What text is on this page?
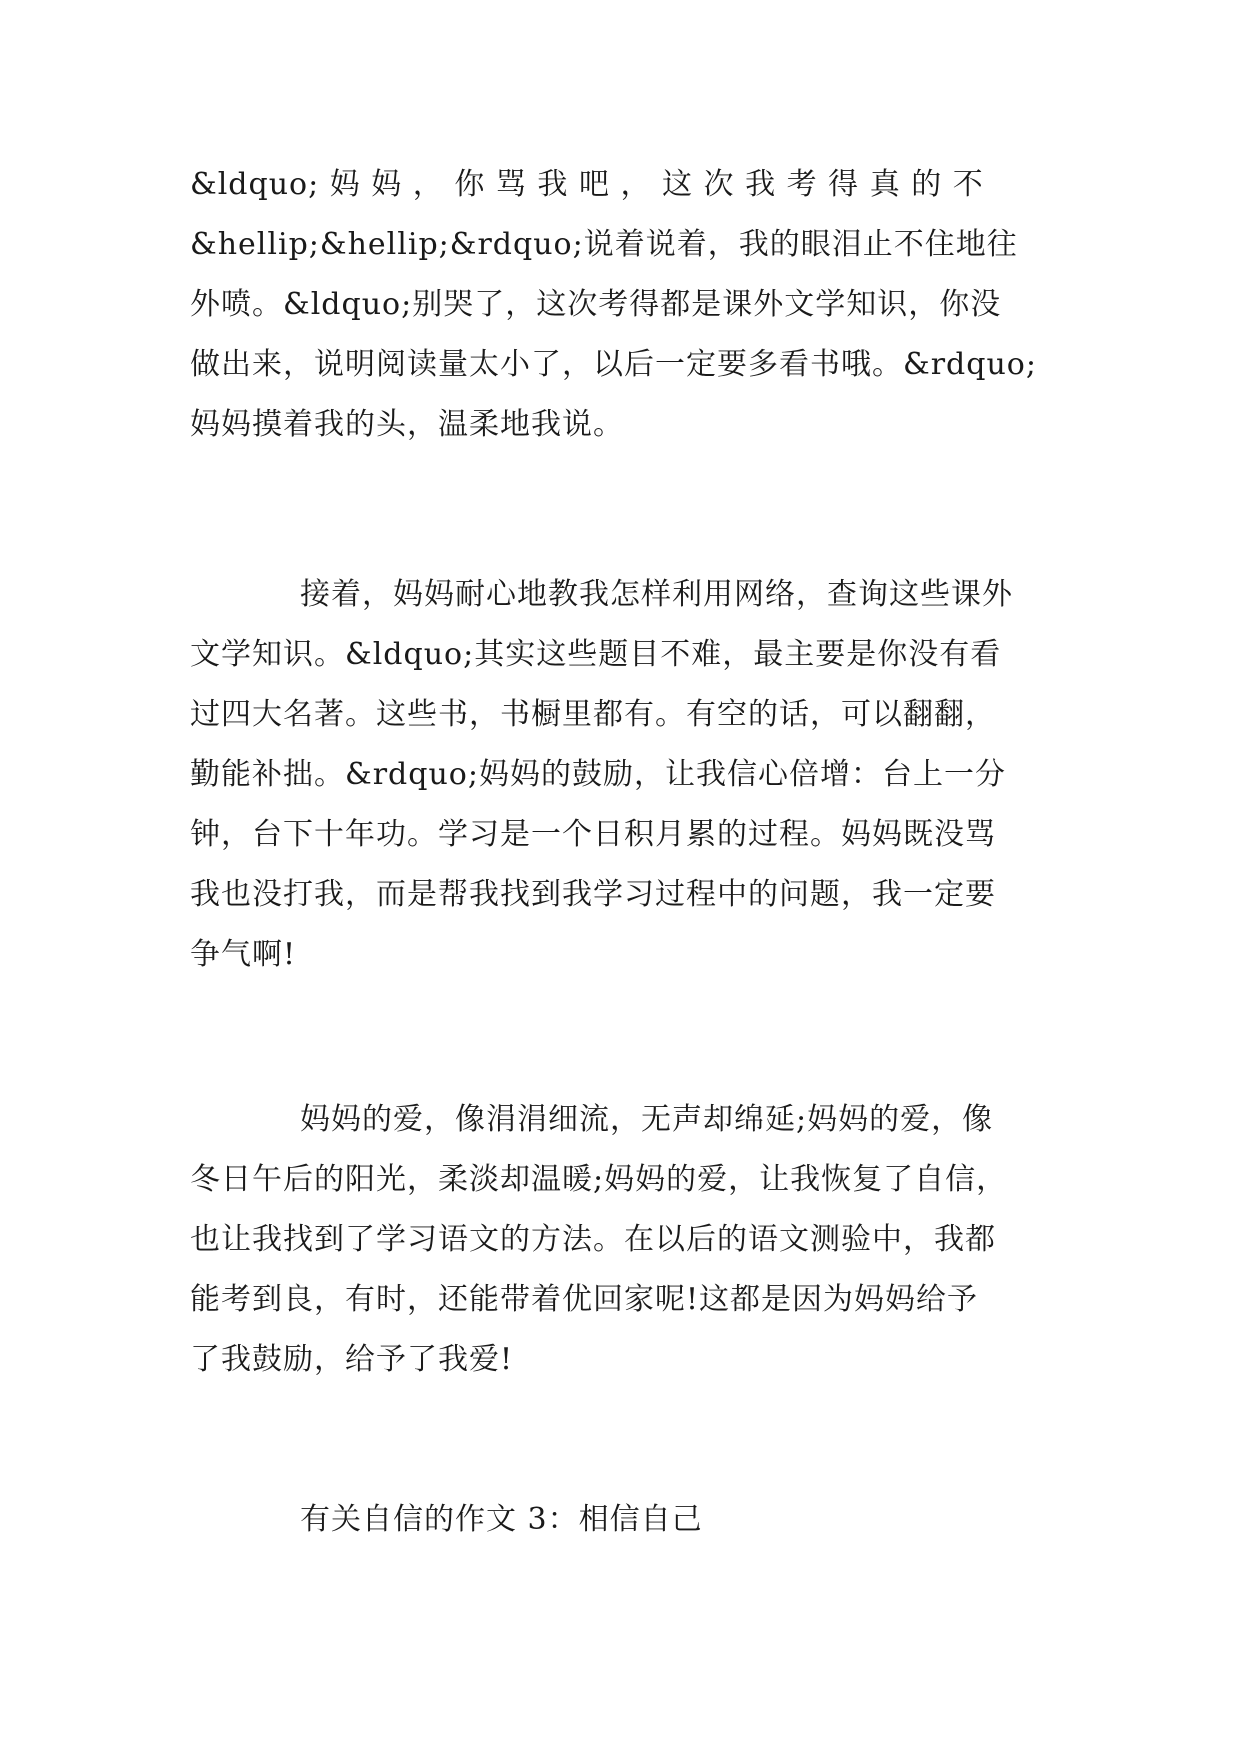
&ldquo; 妈 妈 ， 你 骂 我 吧 ， 这 次 我 考 得 真 的 不
&hellip;&hellip;&rdquo;说着说着，我的眼泪止不住地往
外喷。&ldquo;别哭了，这次考得都是课外文学知识，你没
做出来，说明阅读量太小了，以后一定要多看书哦。&rdquo;
妈妈摸着我的头，温柔地我说。
接着，妈妈耐心地教我怎样利用网络，查询这些课外
文学知识。&ldquo;其实这些题目不难，最主要是你没有看
过四大名著。这些书，书橱里都有。有空的话，可以翻翻，
勤能补拙。&rdquo;妈妈的鼓励，让我信心倍增：台上一分
钟，台下十年功。学习是一个日积月累的过程。妈妈既没骂
我也没打我，而是帮我找到我学习过程中的问题，我一定要
争气啊!
妈妈的爱，像涓涓细流，无声却绵延;妈妈的爱，像
冬日午后的阳光，柔淡却温暖;妈妈的爱，让我恢复了自信，
也让我找到了学习语文的方法。在以后的语文测验中，我都
能考到良，有时，还能带着优回家呢!这都是因为妈妈给予
了我鼓励，给予了我爱!
有关自信的作文 3：相信自己
